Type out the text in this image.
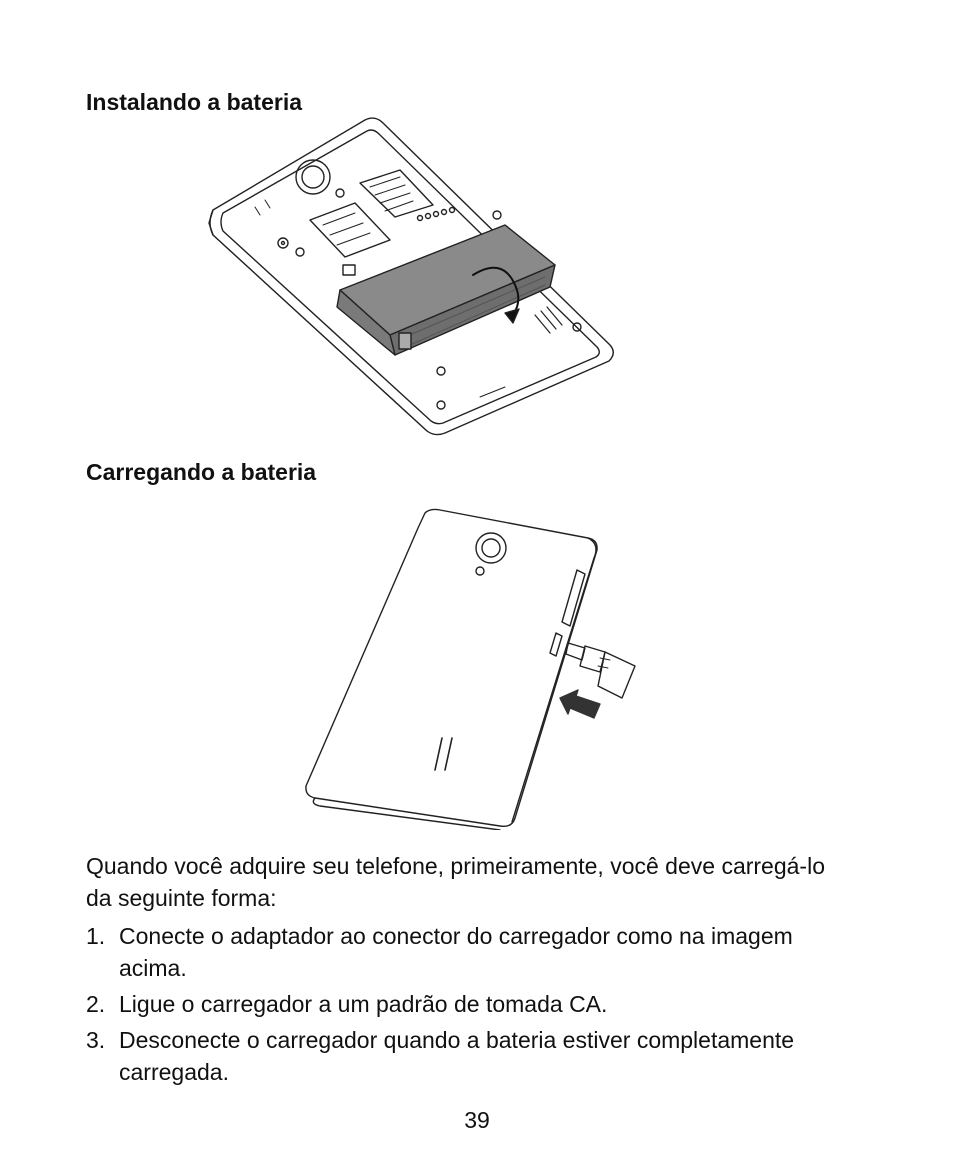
Instalando a bateria
Carregando a bateria

Quando você adquire seu telefone, primeiramente, você deve carregá-lo da seguinte forma:

1. Conecte o adaptador ao conector do carregador como na imagem acima.
2. Ligue o carregador a um padrão de tomada CA.
3. Desconecte o carregador quando a bateria estiver completamente carregada.
39
